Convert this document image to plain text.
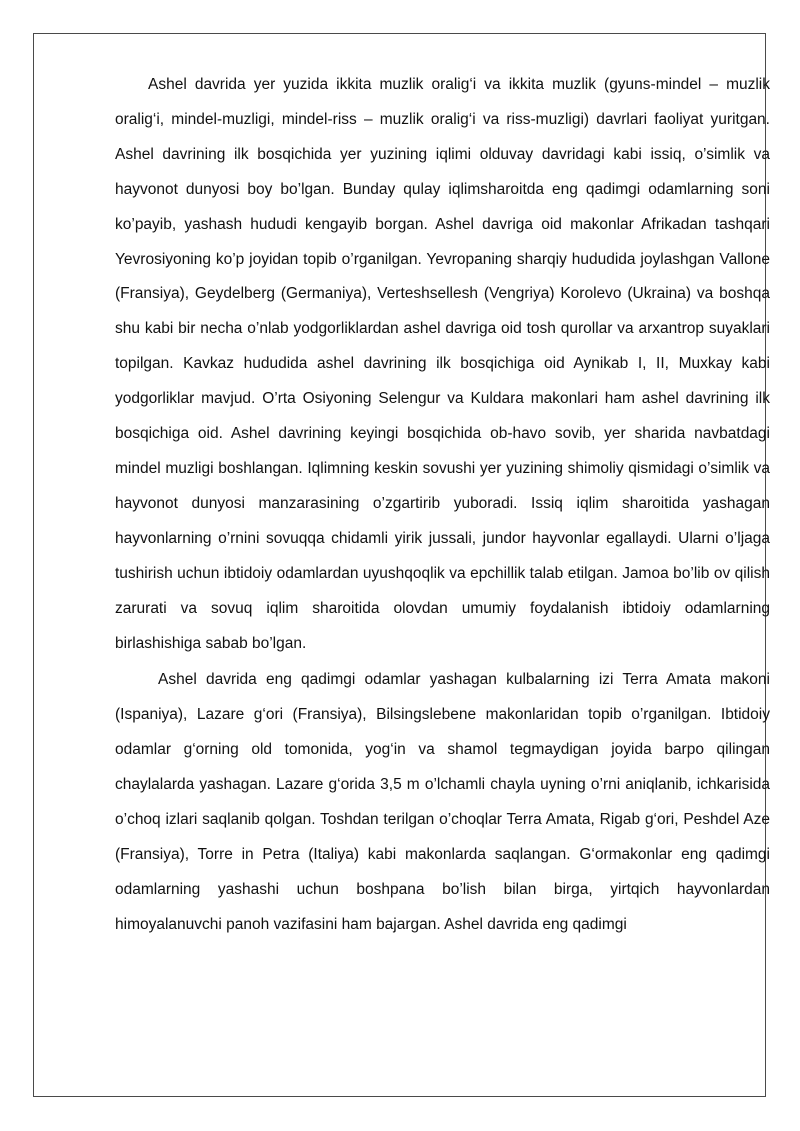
Ashel davrida yer yuzida ikkita muzlik oralig‘i va ikkita muzlik (gyuns-mindel – muzlik oralig‘i, mindel-muzligi, mindel-riss – muzlik oralig‘i va riss-muzligi) davrlari faoliyat yuritgan. Ashel davrining ilk bosqichida yer yuzining iqlimi olduvay davridagi kabi issiq, o’simlik va hayvonot dunyosi boy bo’lgan. Bunday qulay iqlimsharoitda eng qadimgi odamlarning soni ko’payib, yashash hududi kengayib borgan. Ashel davriga oid makonlar Afrikadan tashqari Yevrosiyoning ko’p joyidan topib o’rganilgan. Yevropaning sharqiy hududida joylashgan Vallone (Fransiya), Geydelberg (Germaniya), Verteshsellesh (Vengriya) Korolevo (Ukraina) va boshqa shu kabi bir necha o’nlab yodgorliklardan ashel davriga oid tosh qurollar va arxantrop suyaklari topilgan. Kavkaz hududida ashel davrining ilk bosqichiga oid Aynikab I, II, Muxkay kabi yodgorliklar mavjud. O’rta Osiyoning Selengur va Kuldara makonlari ham ashel davrining ilk bosqichiga oid. Ashel davrining keyingi bosqichida ob-havo sovib, yer sharida navbatdagi mindel muzligi boshlangan. Iqlimning keskin sovushi yer yuzining shimoliy qismidagi o’simlik va hayvonot dunyosi manzarasining o’zgartirib yuboradi. Issiq iqlim sharoitida yashagan hayvonlarning o’rnini sovuqqa chidamli yirik jussali, jundor hayvonlar egallaydi. Ularni o’ljaga tushirish uchun ibtidoiy odamlardan uyushqoqlik va epchillik talab etilgan. Jamoa bo’lib ov qilish zarurati va sovuq iqlim sharoitida olovdan umumiy foydalanish ibtidoiy odamlarning birlashishiga sabab bo’lgan.

Ashel davrida eng qadimgi odamlar yashagan kulbalarning izi Terra Amata makoni (Ispaniya), Lazare g‘ori (Fransiya), Bilsingslebene makonlaridan topib o’rganilgan. Ibtidoiy odamlar g‘orning old tomonida, yog‘in va shamol tegmaydigan joyida barpo qilingan chaylalarda yashagan. Lazare g‘orida 3,5 m o’lchamli chayla uyning o’rni aniqlanib, ichkarisida o’choq izlari saqlanib qolgan. Toshdan terilgan o’choqlar Terra Amata, Rigab g‘ori, Peshdel Aze (Fransiya), Torre in Petra (Italiya) kabi makonlarda saqlangan. G‘ormakonlar eng qadimgi odamlarning yashashi uchun boshpana bo’lish bilan birga, yirtqich hayvonlardan himoyalanuvchi panoh vazifasini ham bajargan. Ashel davrida eng qadimgi
